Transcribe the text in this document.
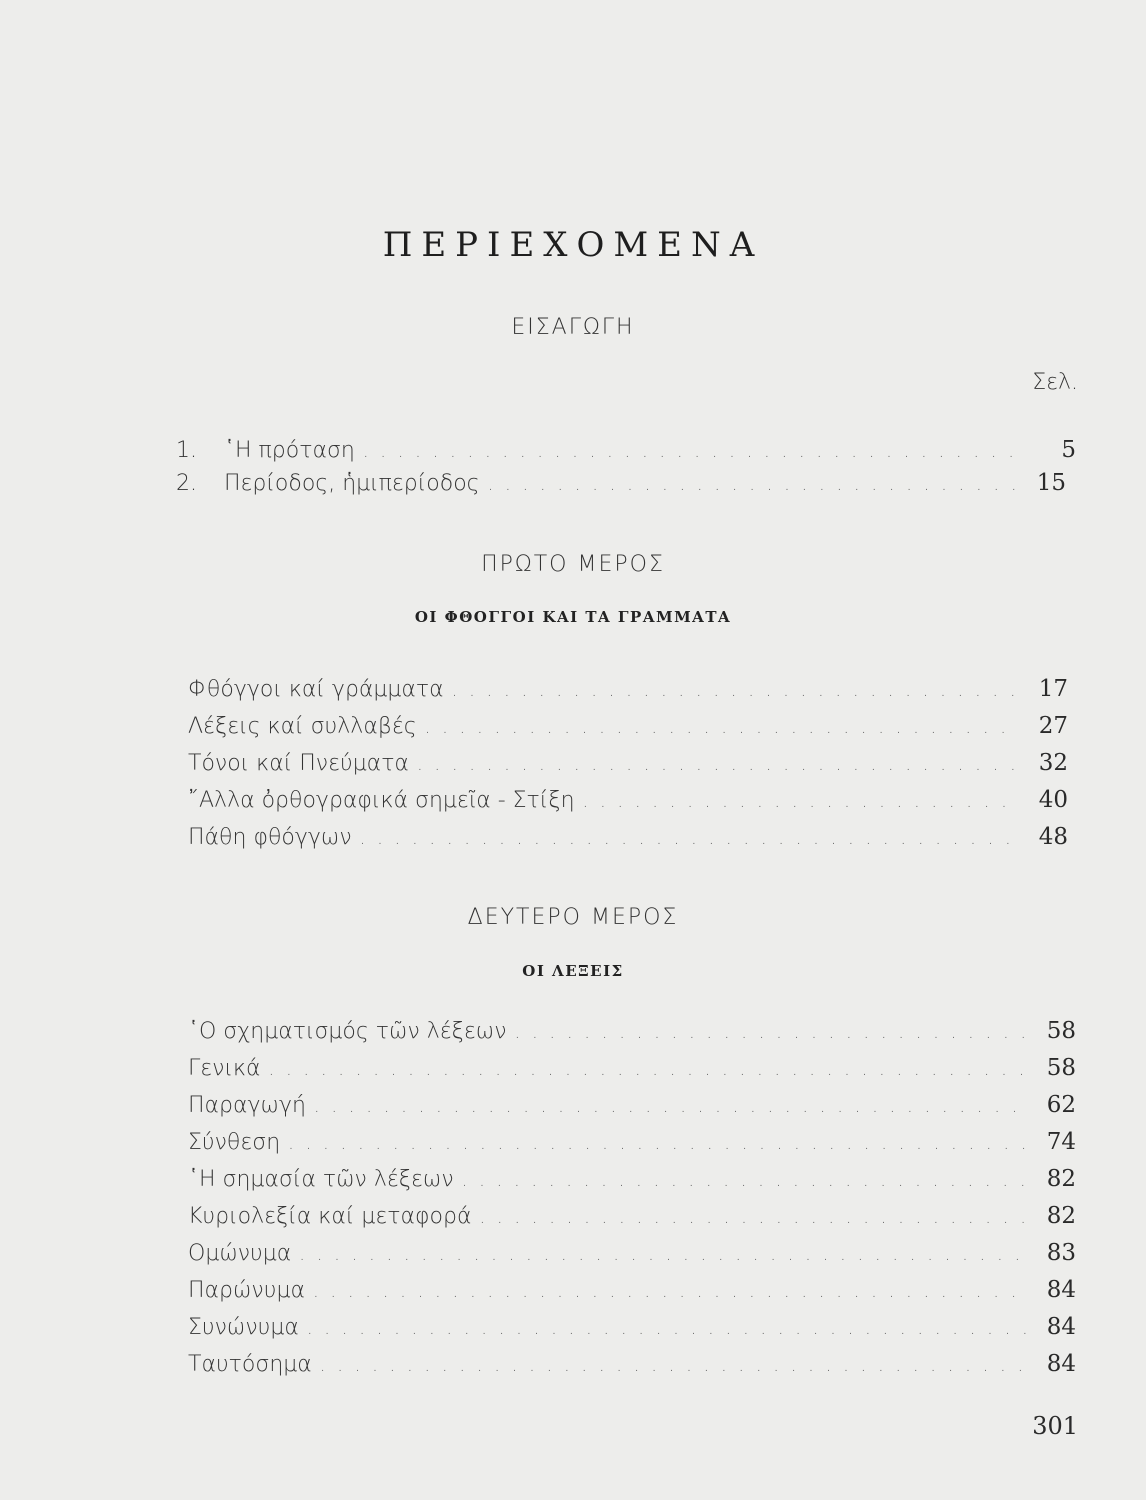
ΠΕΡΙΕΧΟΜΕΝΑ
ΕΙΣΑΓΩΓΗ
Σελ.
1.	῾Η πρόταση . . .	5
2.	Περίοδος, ἡμιπερίοδος . . .	15
ΠΡΩΤΟ ΜΕΡΟΣ
ΟΙ ΦΘΟΓΓΟΙ ΚΑΙ ΤΑ ΓΡΑΜΜΑΤΑ
Φθόγγοι καί γράμματα . . .	17
Λέξεις καί συλλαβές . . .	27
Τόνοι καί Πνεύματα . . .	32
῎Αλλα ὀρθογραφικά σημεῖα - Στίξη . . .	40
Πάθη φθόγγων . . .	48
ΔΕΥΤΕΡΟ ΜΕΡΟΣ
ΟΙ ΛΕΞΕΙΣ
῾Ο σχηματισμός τῶν λέξεων . . .	58
Γενικά . . .	58
Παραγωγή . . .	62
Σύνθεση . . .	74
῾Η σημασία τῶν λέξεων . . .	82
Κυριολεξία καί μεταφορά . . .	82
Ομώνυμα . . .	83
Παρώνυμα . . .	84
Συνώνυμα . . .	84
Ταυτόσημα . . .	84
301
